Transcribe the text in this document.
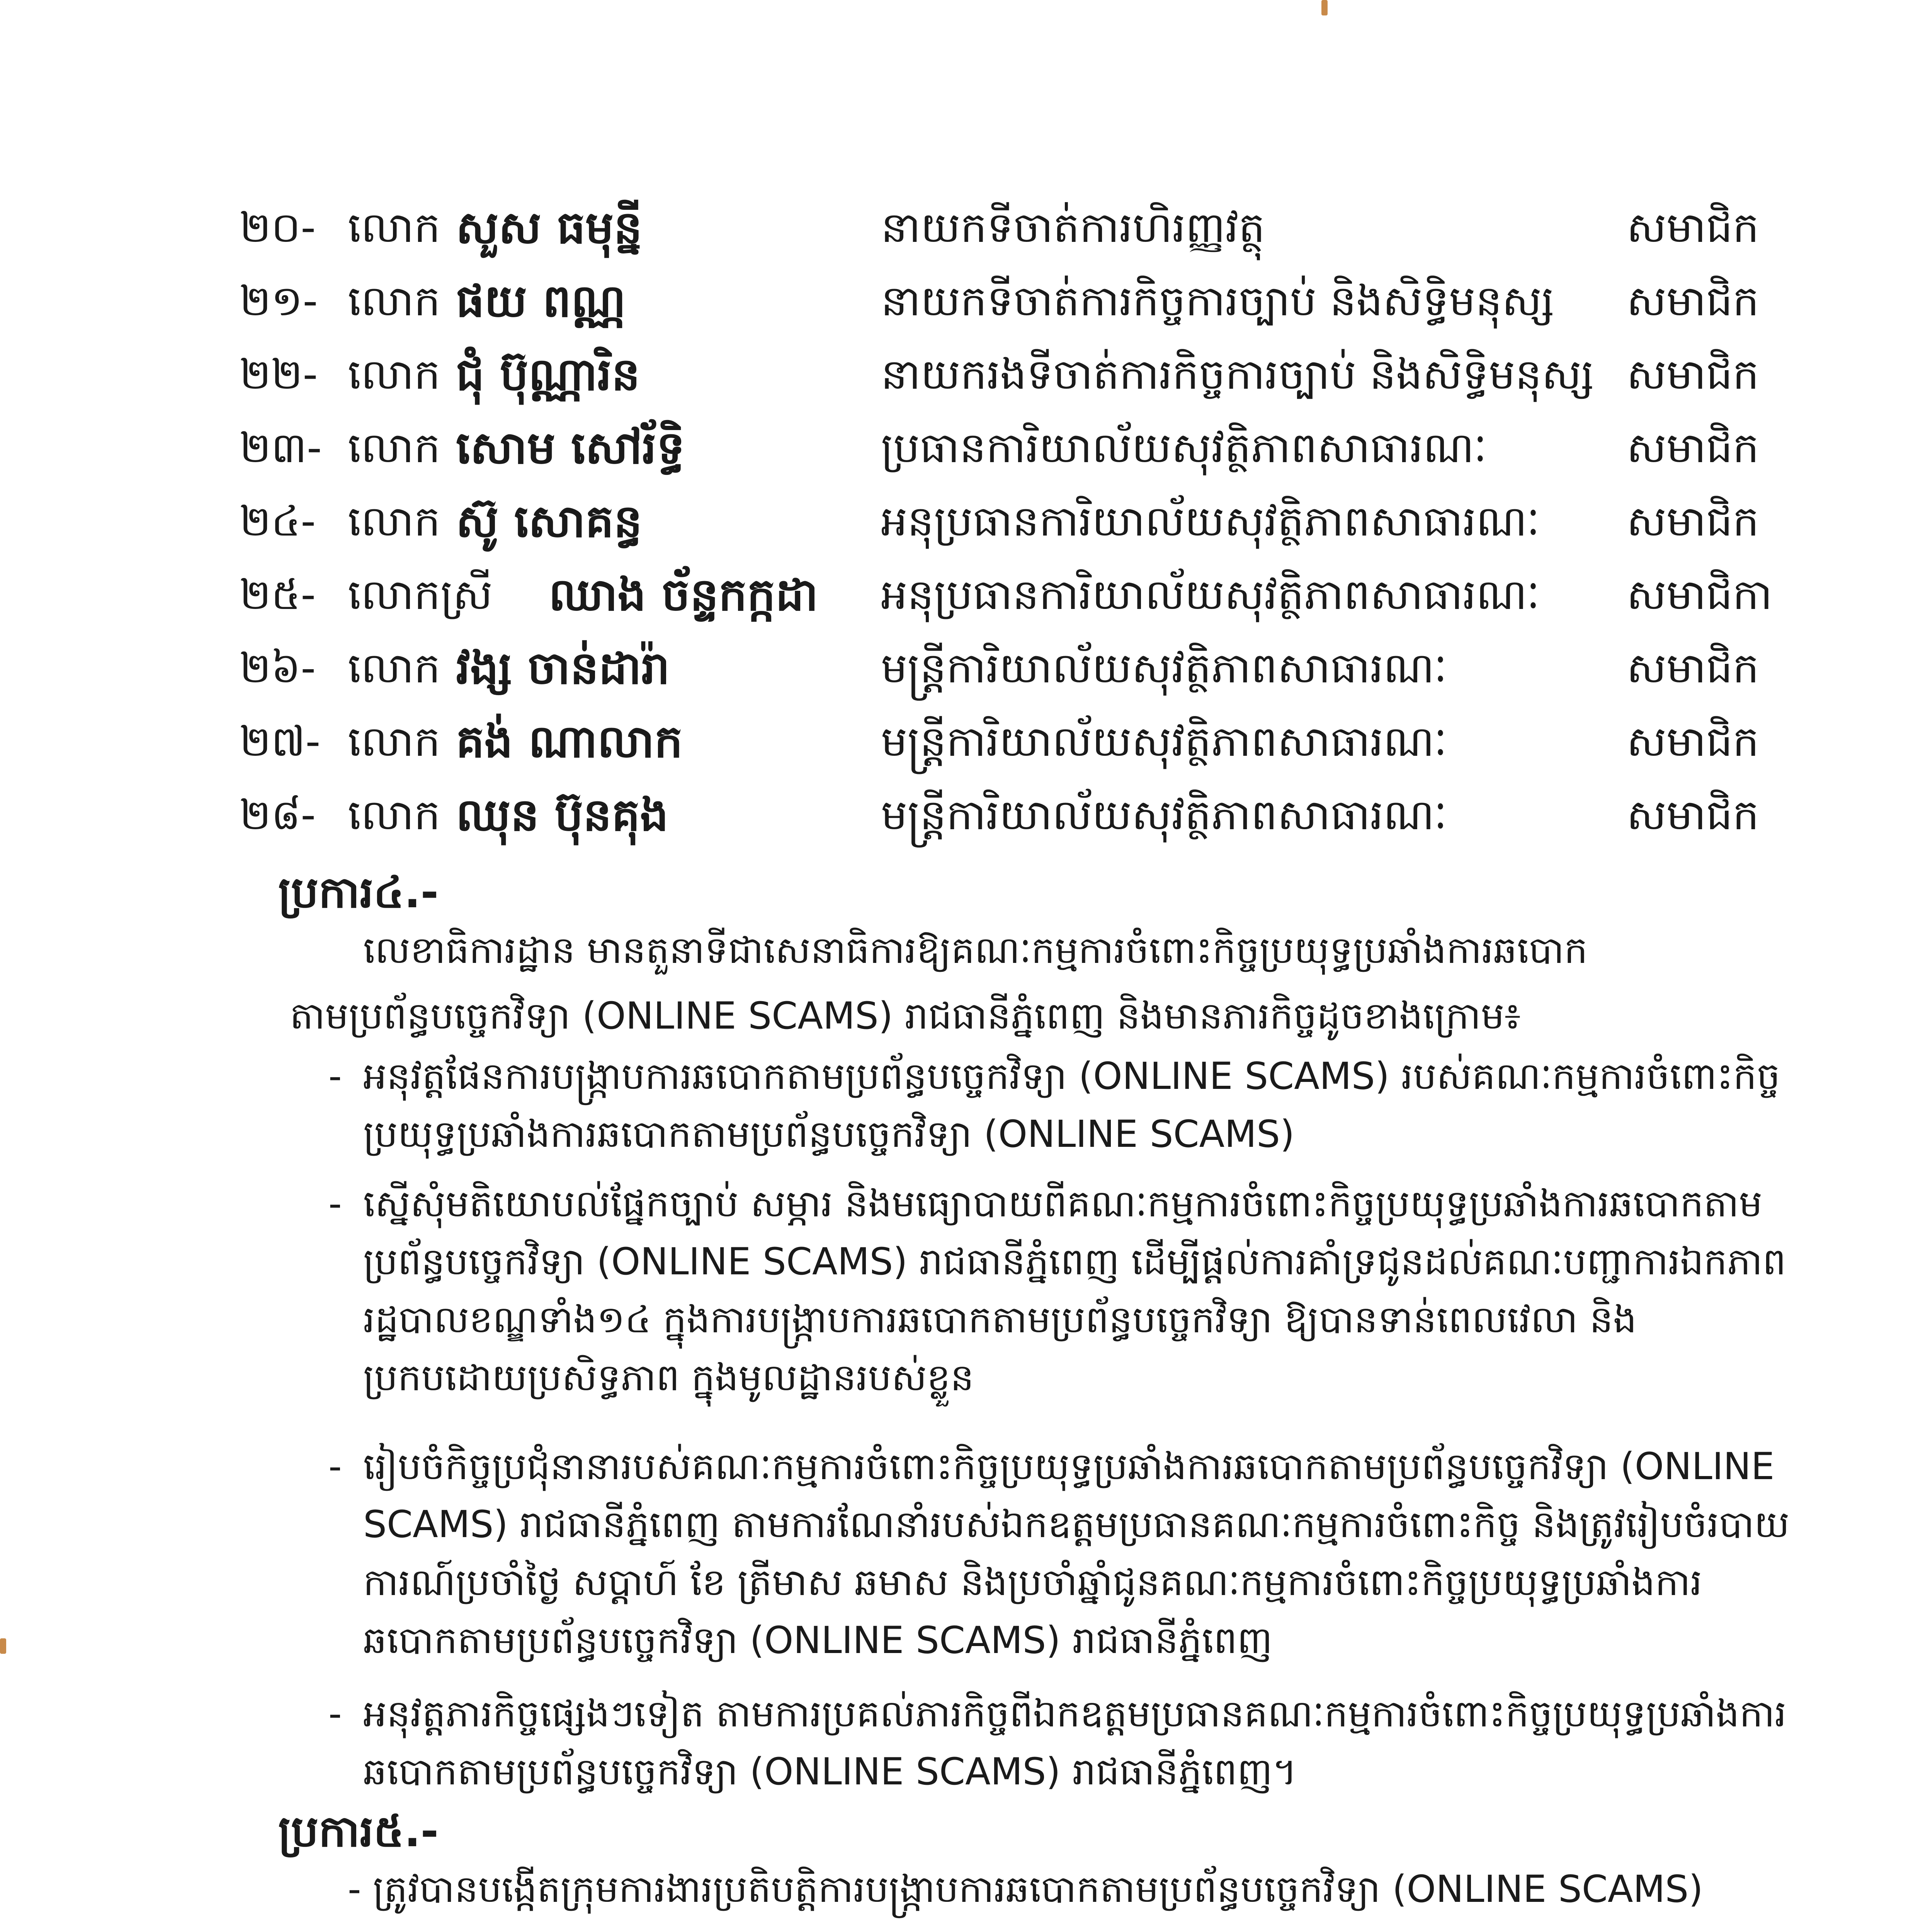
២០- លោក សួស ធមុន្នី	នាយកទីចាត់ការហិរញ្ញវត្ថុ	សមាជិក
២១- លោក ផយ ពណ្ណ	នាយកទីចាត់ការកិច្ចការច្បាប់ និងសិទ្ធិមនុស្ស សមាជិក
២២- លោក ជុំ ប៊ុណ្ណារិន	នាយករងទីចាត់ការកិច្ចការច្បាប់ និងសិទ្ធិមនុស្ស សមាជិក
២៣- លោក សោម សៅរ័ទ្ធិ	ប្រធានការិយាល័យសុវត្ថិភាពសាធារណៈ	សមាជិក
២៤- លោក ស៊ូ សោគន្ធ	អនុប្រធានការិយាល័យសុវត្ថិភាពសាធារណៈ សមាជិក
២៥- លោកស្រី ឈាង ច័ន្ទកក្កដា អនុប្រធានការិយាល័យសុវត្ថិភាពសាធារណៈ សមាជិកា
២៦- លោក វង្ស ចាន់ដារ៉ា	មន្ត្រីការិយាល័យសុវត្ថិភាពសាធារណៈ	សមាជិក
២៧- លោក គង់ ណាលាក	មន្ត្រីការិយាល័យសុវត្ថិភាពសាធារណៈ	សមាជិក
២៨- លោក ឈុន ប៊ុនគុង	មន្ត្រីការិយាល័យសុវត្ថិភាពសាធារណៈ	សមាជិក
ប្រការ៤.-
លេខាធិការដ្ឋាន មានតួនាទីជាសេនាធិការឱ្យគណៈកម្មការចំពោះកិច្ចប្រយុទ្ធប្រឆាំងការឆបោក
តាមប្រព័ន្ធបច្ចេកវិទ្យា (ONLINE SCAMS) រាជធានីភ្នំពេញ និងមានភារកិច្ចដូចខាងក្រោម៖
- អនុវត្តផែនការបង្ក្រាបការឆបោកតាមប្រព័ន្ធបច្ចេកវិទ្យា (ONLINE SCAMS) របស់គណៈកម្មការចំពោះកិច្ចប្រយុទ្ធប្រឆាំងការឆបោកតាមប្រព័ន្ធបច្ចេកវិទ្យា (ONLINE SCAMS)
- ស្នើសុំមតិយោបល់ផ្នែកច្បាប់ សម្ភារ និងមធ្យោបាយពីគណៈកម្មការចំពោះកិច្ចប្រយុទ្ធប្រឆាំងការឆបោកតាមប្រព័ន្ធបច្ចេកវិទ្យា (ONLINE SCAMS) រាជធានីភ្នំពេញ ដើម្បីផ្តល់ការគាំទ្រជូនដល់គណៈបញ្ជាការឯកភាពរដ្ឋបាលខណ្ឌទាំង១៤ ក្នុងការបង្ក្រាបការឆបោកតាមប្រព័ន្ធបច្ចេកវិទ្យា ឱ្យបានទាន់ពេលវេលា និងប្រកបដោយប្រសិទ្ធភាព ក្នុងមូលដ្ឋានរបស់ខ្លួន
- រៀបចំកិច្ចប្រជុំនានារបស់គណៈកម្មការចំពោះកិច្ចប្រយុទ្ធប្រឆាំងការឆបោកតាមប្រព័ន្ធបច្ចេកវិទ្យា (ONLINE SCAMS) រាជធានីភ្នំពេញ តាមការណែនាំរបស់ឯកឧត្តមប្រធានគណៈកម្មការចំពោះកិច្ច និងត្រូវរៀបចំរបាយការណ៍ប្រចាំថ្ងៃ សប្តាហ៍ ខែ ត្រីមាស ឆមាស និងប្រចាំឆ្នាំជូនគណៈកម្មការចំពោះកិច្ចប្រយុទ្ធប្រឆាំងការឆបោកតាមប្រព័ន្ធបច្ចេកវិទ្យា (ONLINE SCAMS) រាជធានីភ្នំពេញ
- អនុវត្តភារកិច្ចផ្សេងៗទៀត តាមការប្រគល់ភារកិច្ចពីឯកឧត្តមប្រធានគណៈកម្មការចំពោះកិច្ចប្រយុទ្ធប្រឆាំងការឆបោកតាមប្រព័ន្ធបច្ចេកវិទ្យា (ONLINE SCAMS) រាជធានីភ្នំពេញ។
ប្រការ៥.-
- ត្រូវបានបង្កើតក្រុមការងារប្រតិបត្តិការបង្ក្រាបការឆបោកតាមប្រព័ន្ធបច្ចេកវិទ្យា (ONLINE SCAMS)
